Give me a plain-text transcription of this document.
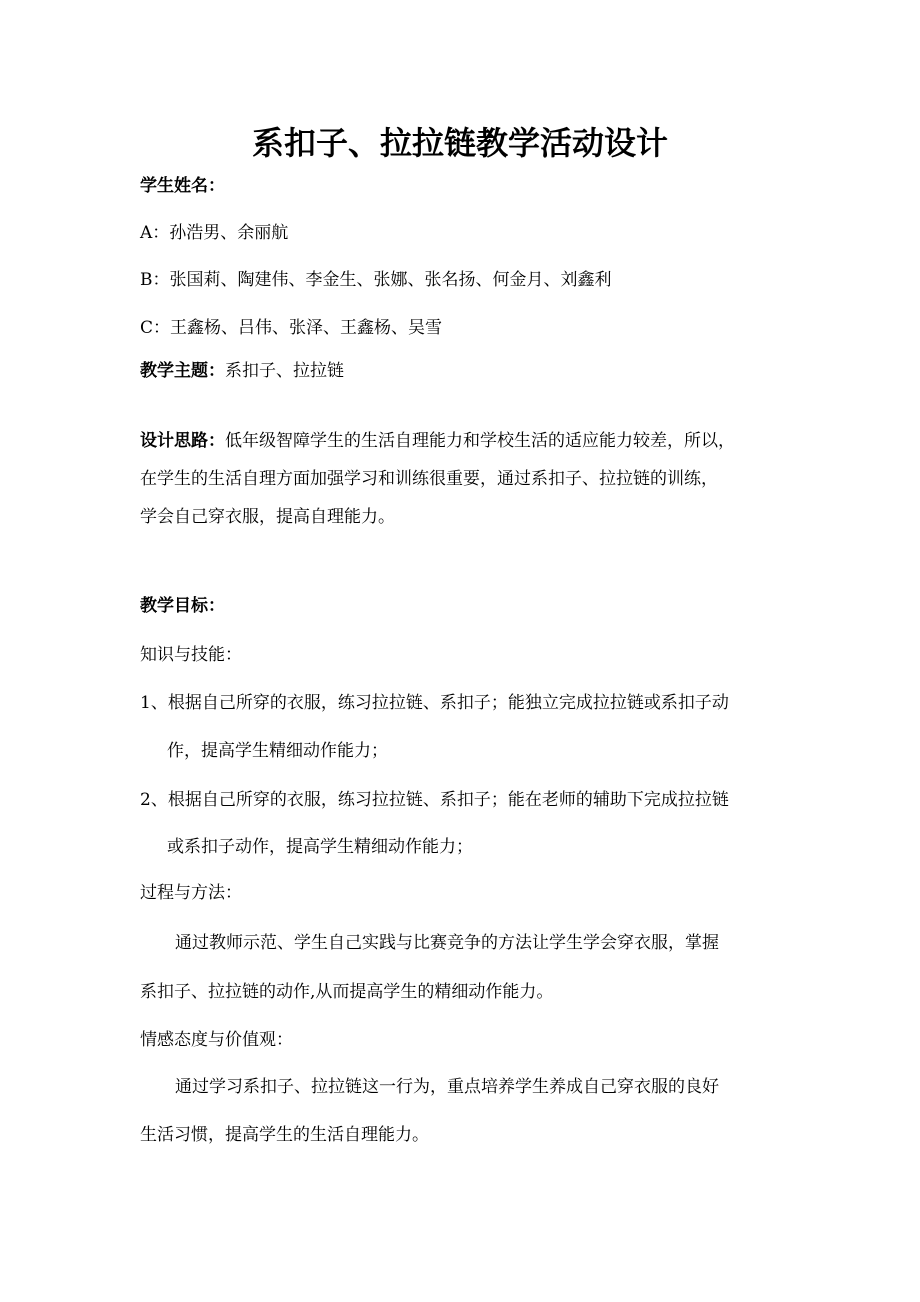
系扣子、拉拉链教学活动设计
学生姓名：
A：孙浩男、余丽航
B：张国莉、陶建伟、李金生、张娜、张名扬、何金月、刘鑫利
C：王鑫杨、吕伟、张泽、王鑫杨、吴雪
教学主题：系扣子、拉拉链
设计思路：低年级智障学生的生活自理能力和学校生活的适应能力较差，所以，
在学生的生活自理方面加强学习和训练很重要，通过系扣子、拉拉链的训练，
学会自己穿衣服，提高自理能力。
教学目标：
知识与技能：
1、根据自己所穿的衣服，练习拉拉链、系扣子；能独立完成拉拉链或系扣子动
作，提高学生精细动作能力；
2、根据自己所穿的衣服，练习拉拉链、系扣子；能在老师的辅助下完成拉拉链
或系扣子动作，提高学生精细动作能力；
过程与方法：
通过教师示范、学生自己实践与比赛竞争的方法让学生学会穿衣服，掌握
系扣子、拉拉链的动作,从而提高学生的精细动作能力。
情感态度与价值观：
通过学习系扣子、拉拉链这一行为，重点培养学生养成自己穿衣服的良好
生活习惯，提高学生的生活自理能力。
